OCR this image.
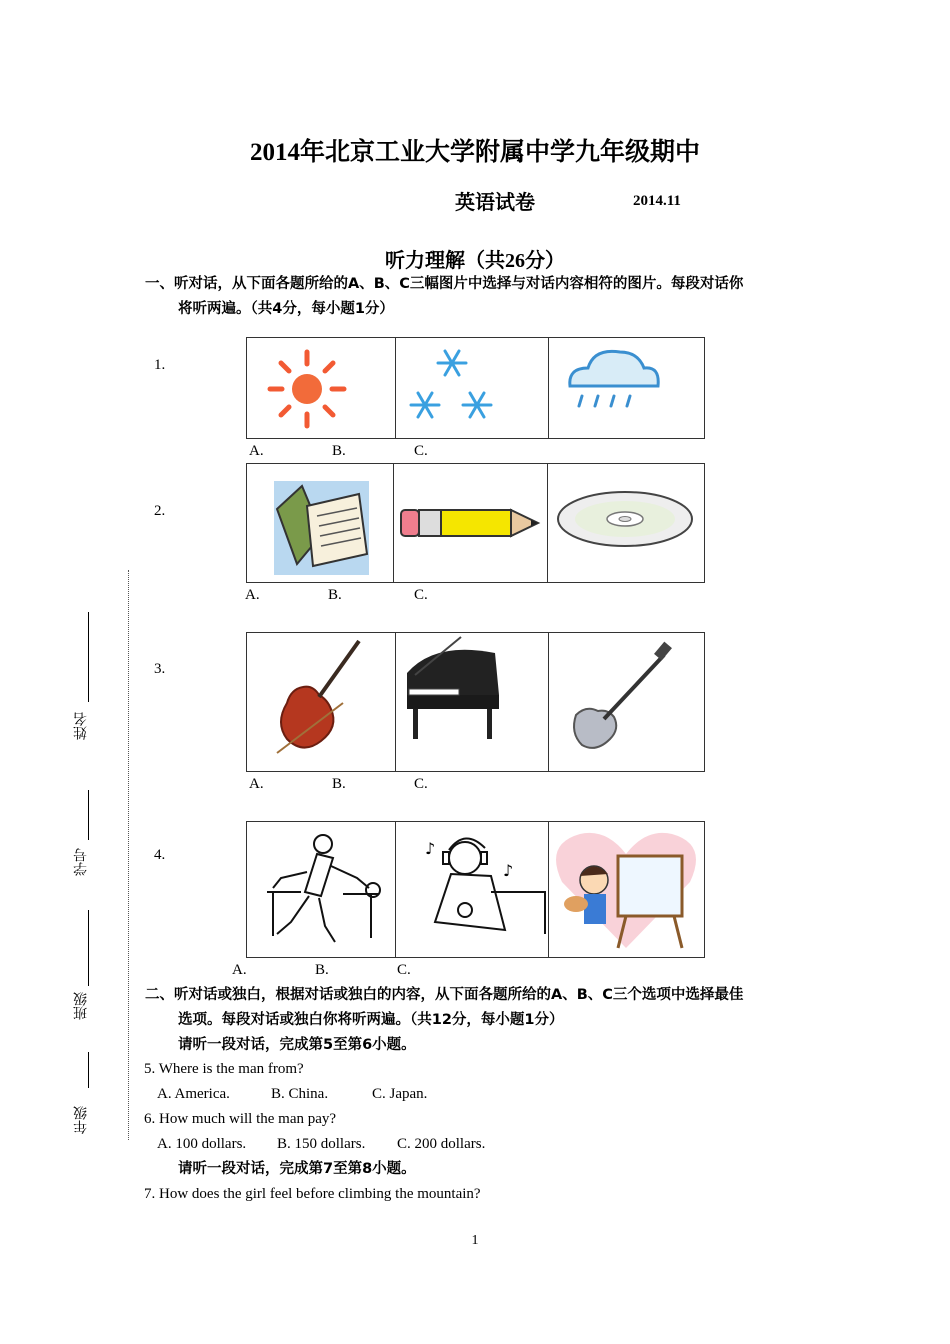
2014年北京工业大学附属中学九年级期中
英语试卷	2014.11
听力理解（共26分）
一、听对话，从下面各题所给的A、B、C三幅图片中选择与对话内容相符的图片。每段对话你
将听两遍。（共4分，每小题1分）
1.
A.	B.	C.
2.
A.	B.	C.
3.
A.	B.	C.
4.	♪
♪
A.	B.	C.
二、听对话或独白，根据对话或独白的内容，从下面各题所给的A、B、C三个选项中选择最佳
选项。每段对话或独白你将听两遍。（共12分，每小题1分）
请听一段对话，完成第5至第6小题。
5. Where is the man from?
A. America.	B. China.	C. Japan.
6. How much will the man pay?
A. 100 dollars. B. 150 dollars. C. 200 dollars.
请听一段对话，完成第7至第8小题。
7. How does the girl feel before climbing the mountain?
姓名
学号
班级
年级
1
